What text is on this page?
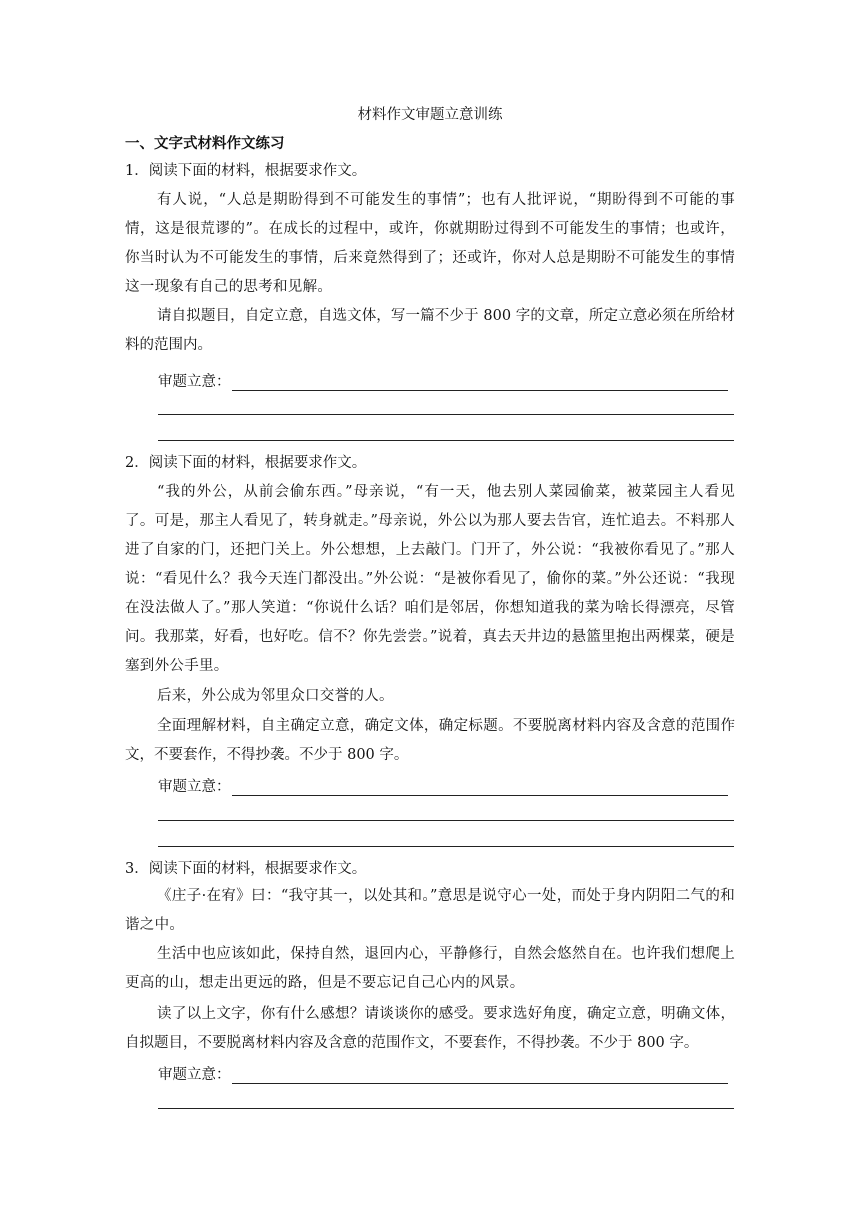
材料作文审题立意训练
一、文字式材料作文练习
1．阅读下面的材料，根据要求作文。
有人说，“人总是期盼得到不可能发生的事情”；也有人批评说，“期盼得到不可能的事情，这是很荒谬的”。在成长的过程中，或许，你就期盼过得到不可能发生的事情；也或许，你当时认为不可能发生的事情，后来竟然得到了；还或许，你对人总是期盼不可能发生的事情这一现象有自己的思考和见解。
请自拟题目，自定立意，自选文体，写一篇不少于 800 字的文章，所定立意必须在所给材料的范围内。
审题立意：
2．阅读下面的材料，根据要求作文。
“我的外公，从前会偷东西。”母亲说，“有一天，他去别人菜园偷菜，被菜园主人看见了。可是，那主人看见了，转身就走。”母亲说，外公以为那人要去告官，连忙追去。不料那人进了自家的门，还把门关上。外公想想，上去敲门。门开了，外公说：“我被你看见了。”那人说：“看见什么？我今天连门都没出。”外公说：“是被你看见了，偷你的菜。”外公还说：“我现在没法做人了。”那人笑道：“你说什么话？咱们是邻居，你想知道我的菜为啥长得漂亮，尽管问。我那菜，好看，也好吃。信不？你先尝尝。”说着，真去天井边的悬篮里抱出两棵菜，硬是塞到外公手里。
后来，外公成为邻里众口交誉的人。
全面理解材料，自主确定立意，确定文体，确定标题。不要脱离材料内容及含意的范围作文，不要套作，不得抄袭。不少于 800 字。
审题立意：
3．阅读下面的材料，根据要求作文。
《庄子·在宥》曰：“我守其一，以处其和。”意思是说守心一处，而处于身内阴阳二气的和谐之中。
生活中也应该如此，保持自然，退回内心，平静修行，自然会悠然自在。也许我们想爬上更高的山，想走出更远的路，但是不要忘记自己心内的风景。
读了以上文字，你有什么感想？请谈谈你的感受。要求选好角度，确定立意，明确文体，自拟题目，不要脱离材料内容及含意的范围作文，不要套作，不得抄袭。不少于 800 字。
审题立意：
